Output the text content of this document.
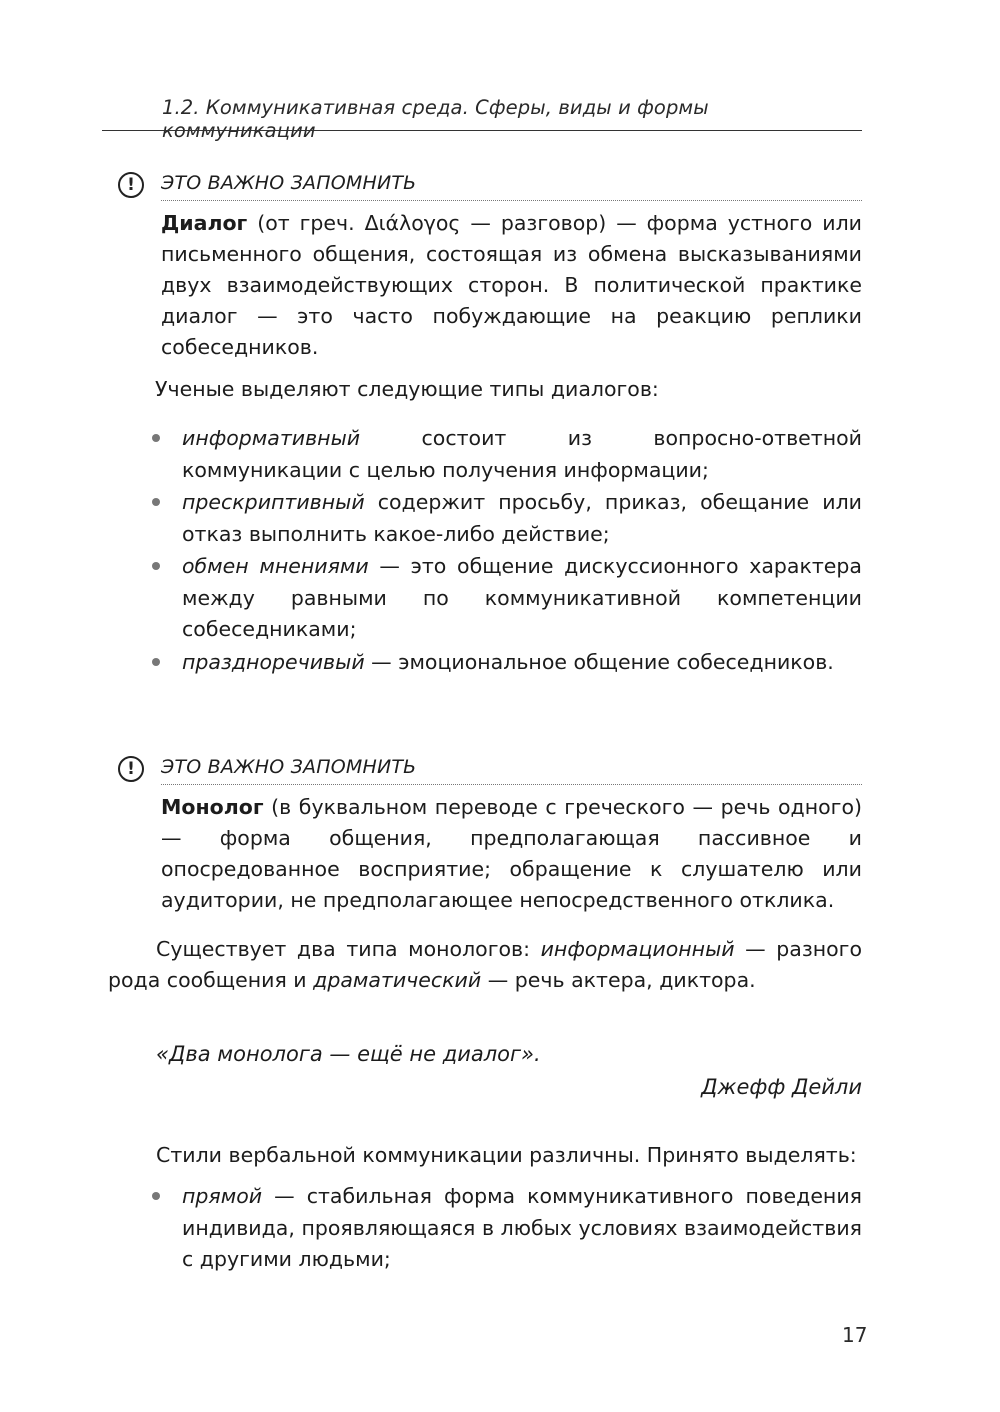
1.2. Коммуникативная среда. Сферы, виды и формы коммуникации
!	ЭТО ВАЖНО ЗАПОМНИТЬ
Диалог (от греч. Διάλογος — разговор) — форма устного или письменного общения, состоящая из обмена высказываниями двух взаимодействующих сторон. В политической практике диалог — это часто побуждающие на реакцию реплики собеседников.
Ученые выделяют следующие типы диалогов:
информативный состоит из вопросно-ответной коммуникации с целью получения информации;
прескриптивный содержит просьбу, приказ, обещание или отказ выполнить какое-либо действие;
обмен мнениями — это общение дискуссионного характера между равными по коммуникативной компетенции собеседниками;
празднoречивый — эмоциональное общение собеседников.
!	ЭТО ВАЖНО ЗАПОМНИТЬ
Монолог (в буквальном переводе с греческого — речь одного) — форма общения, предполагающая пассивное и опосредованное восприятие; обращение к слушателю или аудитории, не предполагающее непосредственного отклика.
Существует два типа монологов: информационный — разного рода сообщения и драматический — речь актера, диктора.
«Два монолога — ещё не диалог».
Джефф Дейли
Стили вербальной коммуникации различны. Принято выделять:
прямой — стабильная форма коммуникативного поведения индивида, проявляющаяся в любых условиях взаимодействия с другими людьми;
17
